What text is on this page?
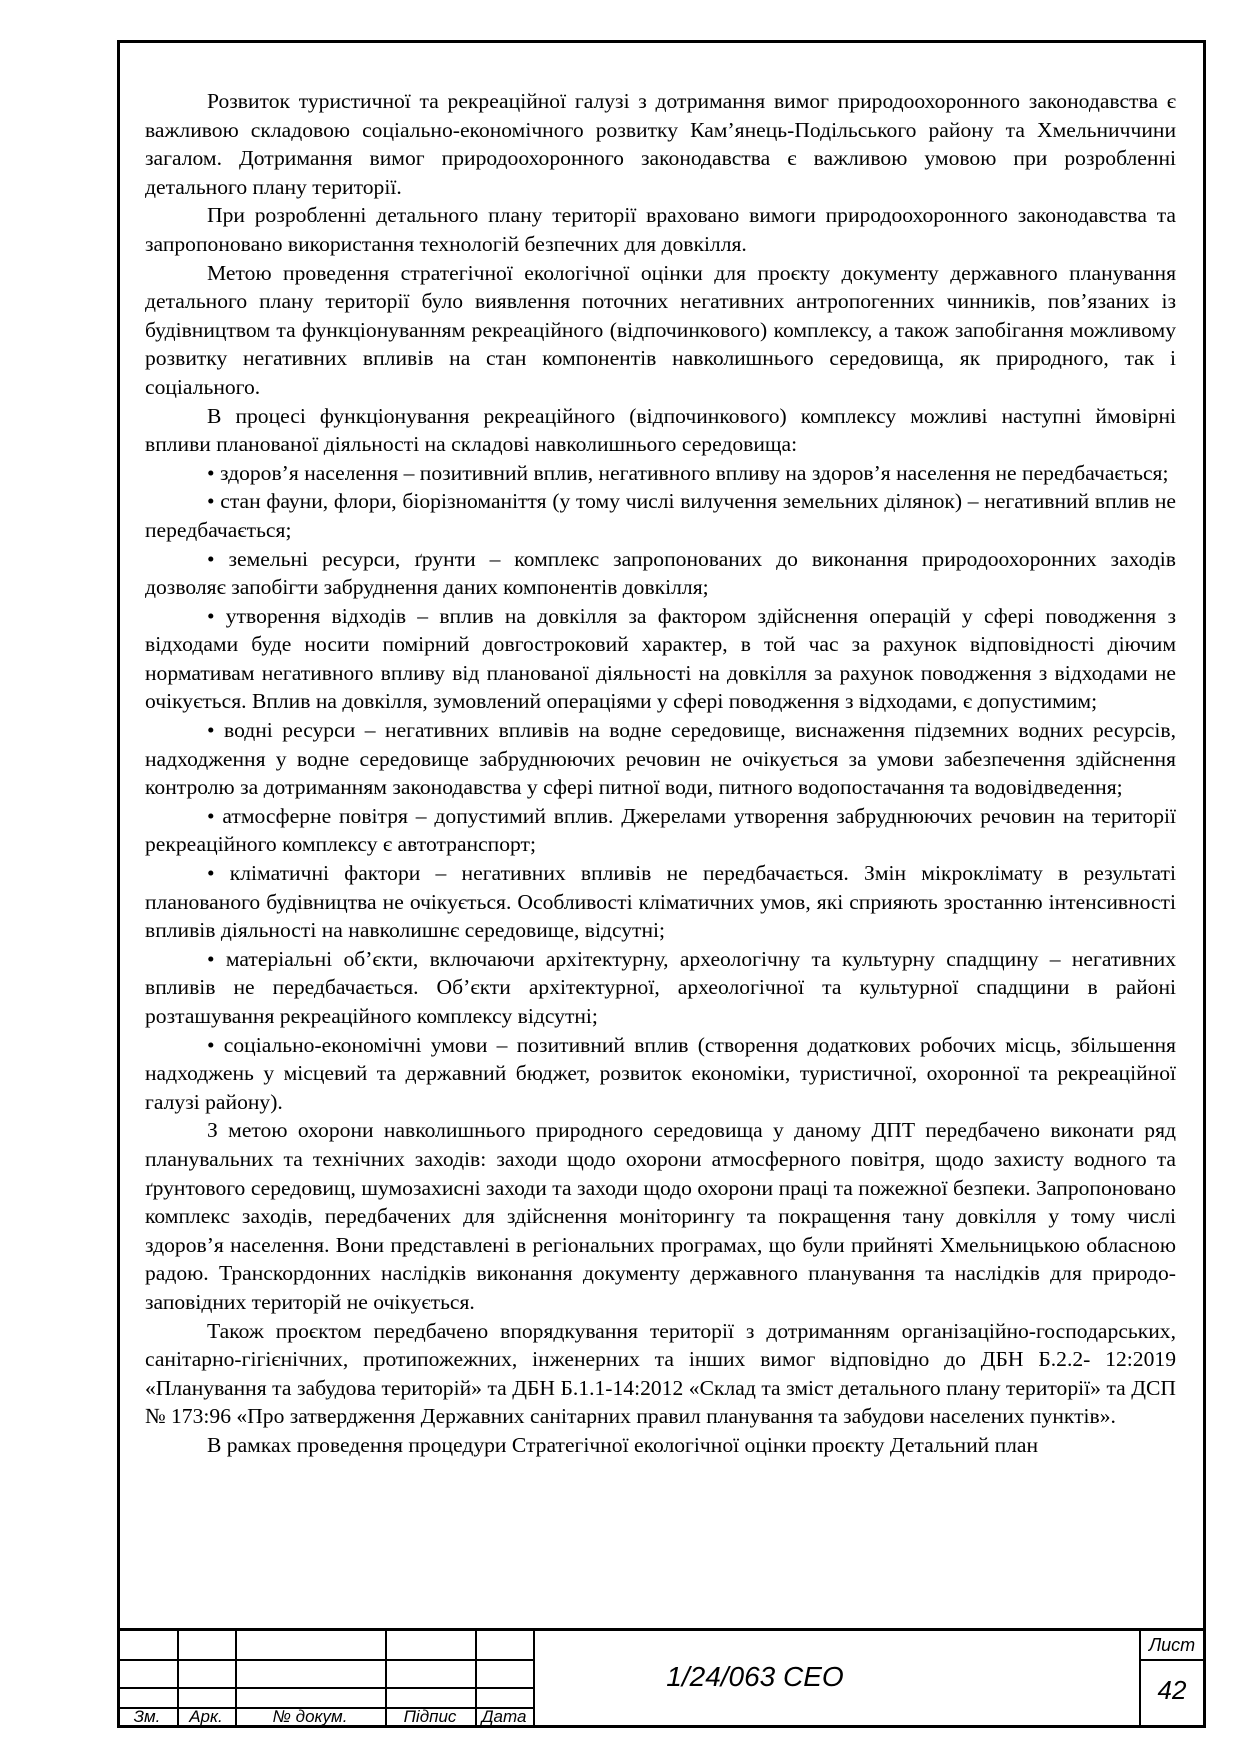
Розвиток туристичної та рекреаційної галузі з дотримання вимог природоохоронного законодавства є важливою складовою соціально-економічного розвитку Кам’янець-Подільського району та Хмельниччини загалом. Дотримання вимог природоохоронного законодавства є важливою умовою при розробленні детального плану території.

При розробленні детального плану території враховано вимоги природоохоронного законодавства та запропоновано використання технологій безпечних для довкілля.

Метою проведення стратегічної екологічної оцінки для проєкту документу державного планування детального плану території було виявлення поточних негативних антропогенних чинників, пов’язаних із будівництвом та функціонуванням рекреаційного (відпочинкового) комплексу, а також запобігання можливому розвитку негативних впливів на стан компонентів навколишнього середовища, як природного, так і соціального.

В процесі функціонування рекреаційного (відпочинкового) комплексу можливі наступні ймовірні впливи планованої діяльності на складові навколишнього середовища:

• здоров’я населення – позитивний вплив, негативного впливу на здоров’я населення не передбачається;

• стан фауни, флори, біорізноманіття (у тому числі вилучення земельних ділянок) – негативний вплив не передбачається;

• земельні ресурси, ґрунти – комплекс запропонованих до виконання природоохоронних заходів дозволяє запобігти забруднення даних компонентів довкілля;

• утворення відходів – вплив на довкілля за фактором здійснення операцій у сфері поводження з відходами буде носити помірний довгостроковий характер, в той час за рахунок відповідності діючим нормативам негативного впливу від планованої діяльності на довкілля за рахунок поводження з відходами не очікується. Вплив на довкілля, зумовлений операціями у сфері поводження з відходами, є допустимим;

• водні ресурси – негативних впливів на водне середовище, виснаження підземних водних ресурсів, надходження у водне середовище забруднюючих речовин не очікується за умови забезпечення здійснення контролю за дотриманням законодавства у сфері питної води, питного водопостачання та водовідведення;

• атмосферне повітря – допустимий вплив. Джерелами утворення забруднюючих речовин на території рекреаційного комплексу є автотранспорт;

• кліматичні фактори – негативних впливів не передбачається. Змін мікроклімату в результаті планованого будівництва не очікується. Особливості кліматичних умов, які сприяють зростанню інтенсивності впливів діяльності на навколишнє середовище, відсутні;

• матеріальні об’єкти, включаючи архітектурну, археологічну та культурну спадщину – негативних впливів не передбачається. Об’єкти архітектурної, археологічної та культурної спадщини в районі розташування рекреаційного комплексу відсутні;

• соціально-економічні умови – позитивний вплив (створення додаткових робочих місць, збільшення надходжень у місцевий та державний бюджет, розвиток економіки, туристичної, охоронної та рекреаційної галузі району).

З метою охорони навколишнього природного середовища у даному ДПТ передбачено виконати ряд планувальних та технічних заходів: заходи щодо охорони атмосферного повітря, щодо захисту водного та ґрунтового середовищ, шумозахисні заходи та заходи щодо охорони праці та пожежної безпеки. Запропоновано комплекс заходів, передбачених для здійснення моніторингу та покращення тану довкілля у тому числі здоров’я населення. Вони представлені в регіональних програмах, що були прийняті Хмельницькою обласною радою. Транскордонних наслідків виконання документу державного планування та наслідків для природо-заповідних територій не очікується.

Також проєктом передбачено впорядкування території з дотриманням організаційно-господарських, санітарно-гігієнічних, протипожежних, інженерних та інших вимог відповідно до ДБН Б.2.2- 12:2019 «Планування та забудова територій» та ДБН Б.1.1-14:2012 «Склад та зміст детального плану території» та ДСП № 173:96 «Про затвердження Державних санітарних правил планування та забудови населених пунктів».

В рамках проведення процедури Стратегічної екологічної оцінки проєкту Детальний план

Зм.	Арк.	№ докум.	Підпис	Дата
1/24/063 СЕО
Лист
42
